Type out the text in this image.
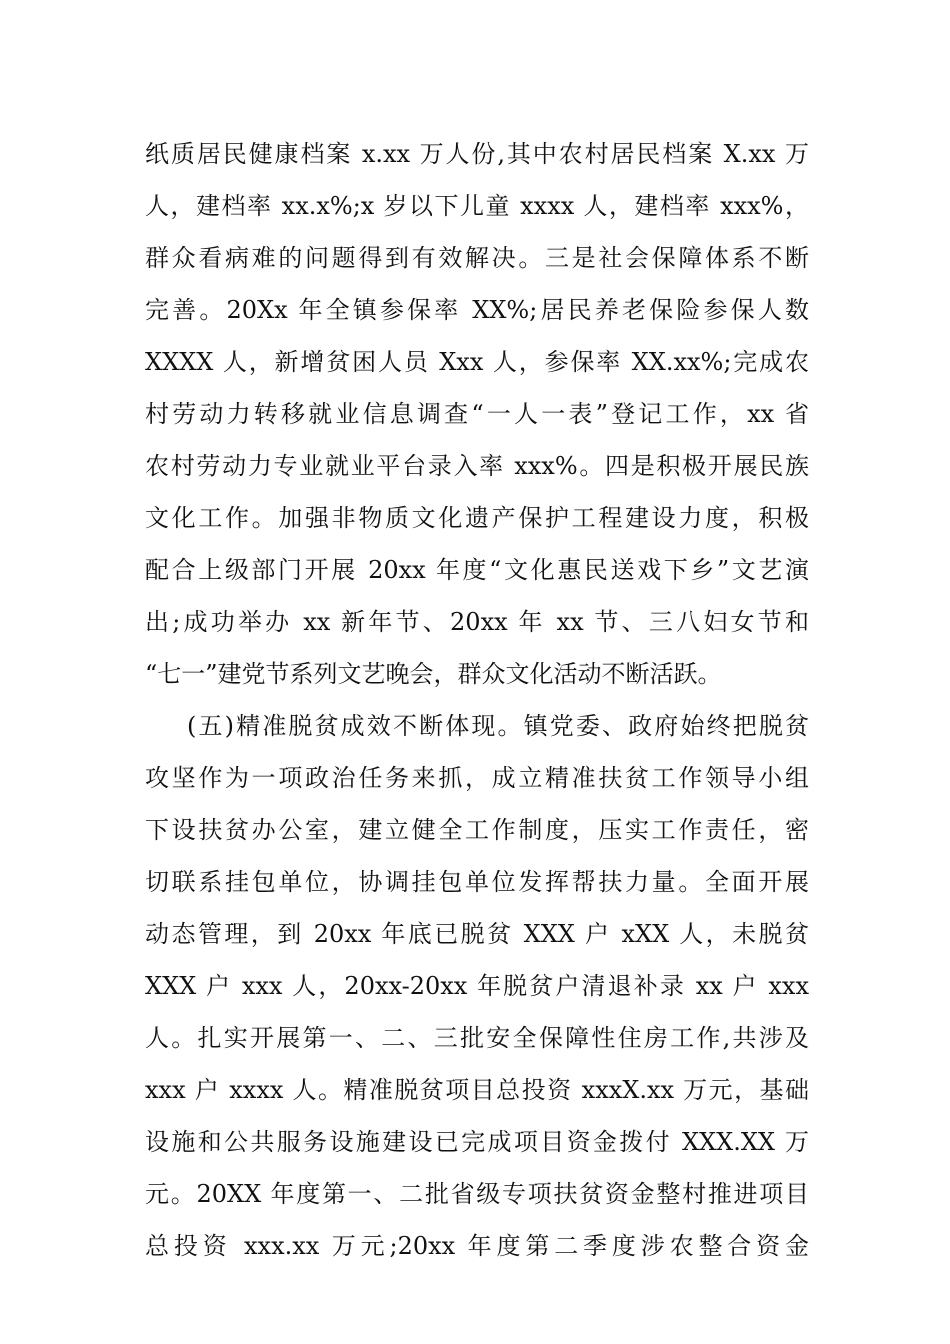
纸质居民健康档案 x.xx 万人份,其中农村居民档案 X.xx 万
人，建档率 xx.x%;x 岁以下儿童 xxxx 人，建档率 xxx%，
群众看病难的问题得到有效解决。三是社会保障体系不断
完善。20Xx 年全镇参保率 XX%;居民养老保险参保人数
XXXX 人，新增贫困人员 Xxx 人，参保率 XX.xx%;完成农
村劳动力转移就业信息调查“一人一表”登记工作，xx 省
农村劳动力专业就业平台录入率 xxx%。四是积极开展民族
文化工作。加强非物质文化遗产保护工程建设力度，积极
配合上级部门开展 20xx 年度“文化惠民送戏下乡”文艺演
出;成功举办 xx 新年节、20xx 年 xx 节、三八妇女节和
“七一”建党节系列文艺晚会，群众文化活动不断活跃。
(五)精准脱贫成效不断体现。镇党委、政府始终把脱贫
攻坚作为一项政治任务来抓，成立精准扶贫工作领导小组
下设扶贫办公室，建立健全工作制度，压实工作责任，密
切联系挂包单位，协调挂包单位发挥帮扶力量。全面开展
动态管理，到 20xx 年底已脱贫 XXX 户 xXX 人，未脱贫
XXX 户 xxx 人，20xx-20xx 年脱贫户清退补录 xx 户 xxx
人。扎实开展第一、二、三批安全保障性住房工作,共涉及
xxx 户 xxxx 人。精准脱贫项目总投资 xxxX.xx 万元，基础
设施和公共服务设施建设已完成项目资金拨付 XXX.XX 万
元。20XX 年度第一、二批省级专项扶贫资金整村推进项目
总投资 xxx.xx 万元;20xx 年度第二季度涉农整合资金
